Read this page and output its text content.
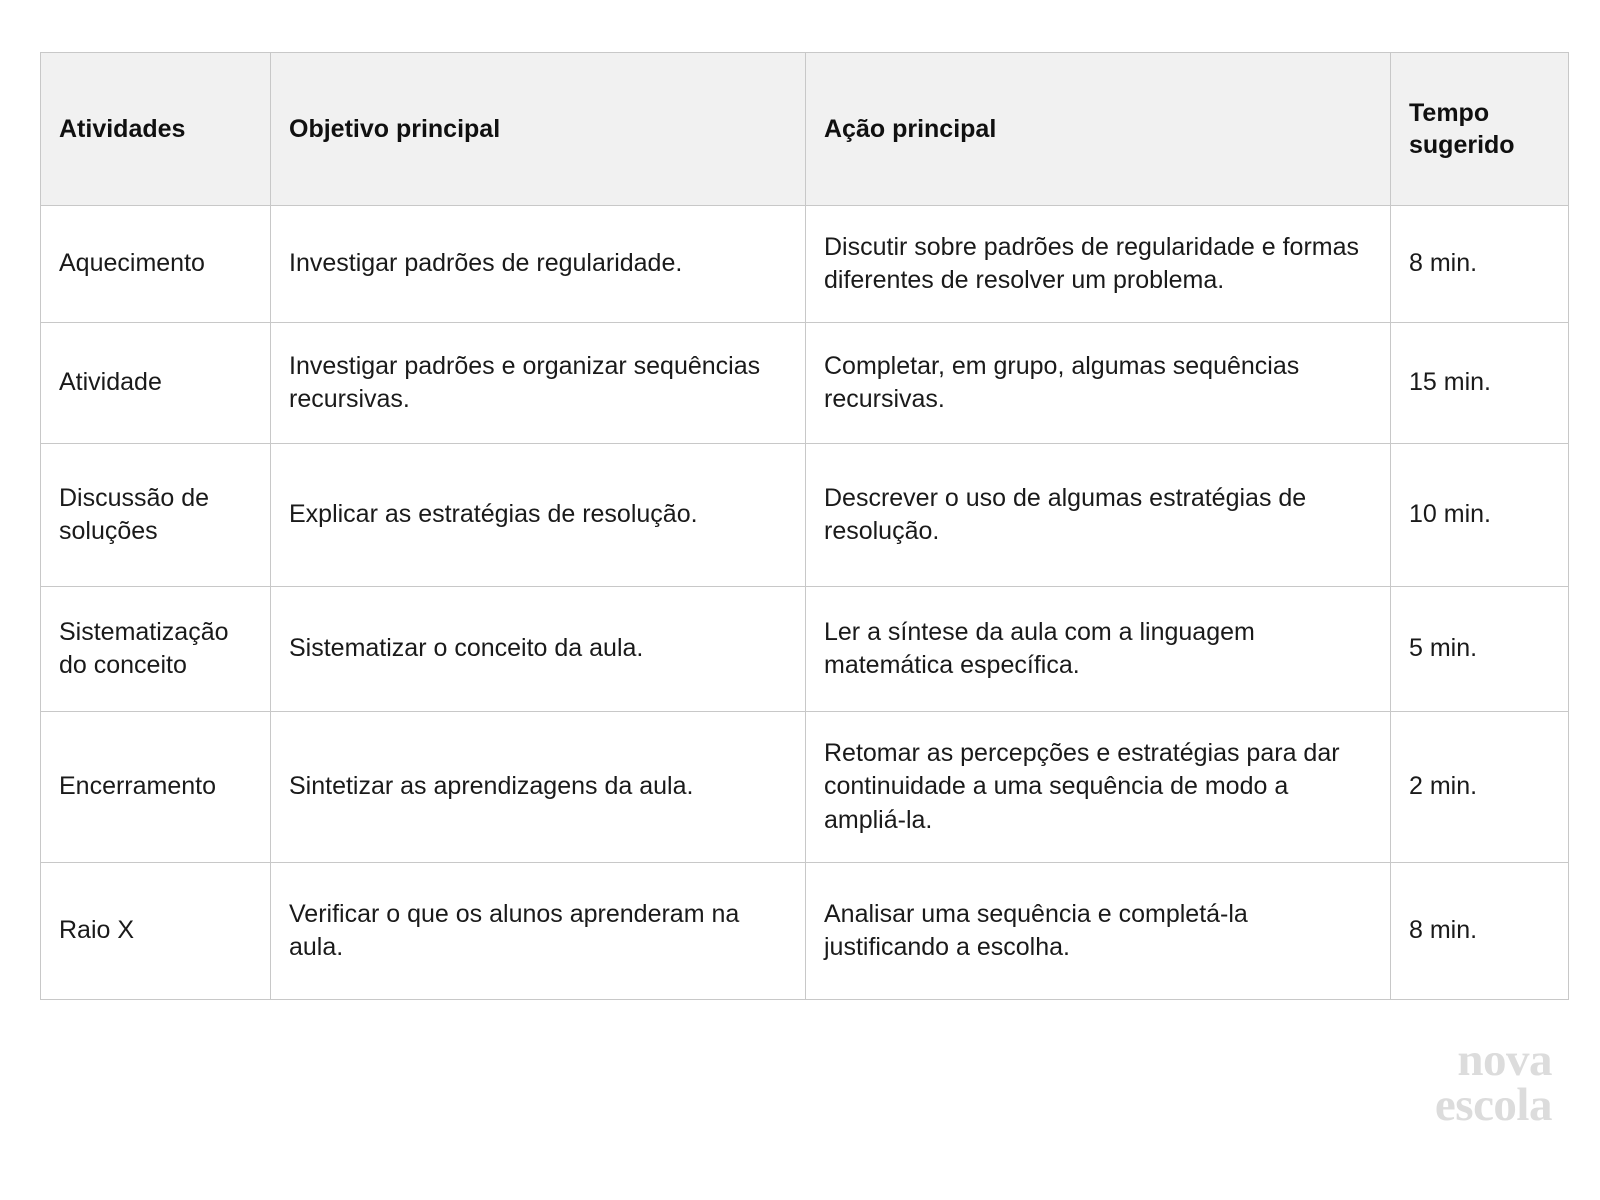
Atividades	Objetivo principal	Ação principal	Tempo
sugerido
Aquecimento	Investigar padrões de regularidade.	Discutir sobre padrões de regularidade e formas diferentes de resolver um problema.	8 min.
Atividade	Investigar padrões e organizar sequências recursivas.	Completar, em grupo, algumas sequências recursivas.	15 min.
Discussão de soluções	Explicar as estratégias de resolução.	Descrever o uso de algumas estratégias de resolução.	10 min.
Sistematização do conceito	Sistematizar o conceito da aula.	Ler a síntese da aula com a linguagem matemática específica.	5 min.
Encerramento	Sintetizar as aprendizagens da aula.	Retomar as percepções e estratégias para dar continuidade a uma sequência de modo a ampliá-la.	2 min.
Raio X	Verificar o que os alunos aprenderam na aula.	Analisar uma sequência e completá-la justificando a escolha.	8 min.
nova
escola
